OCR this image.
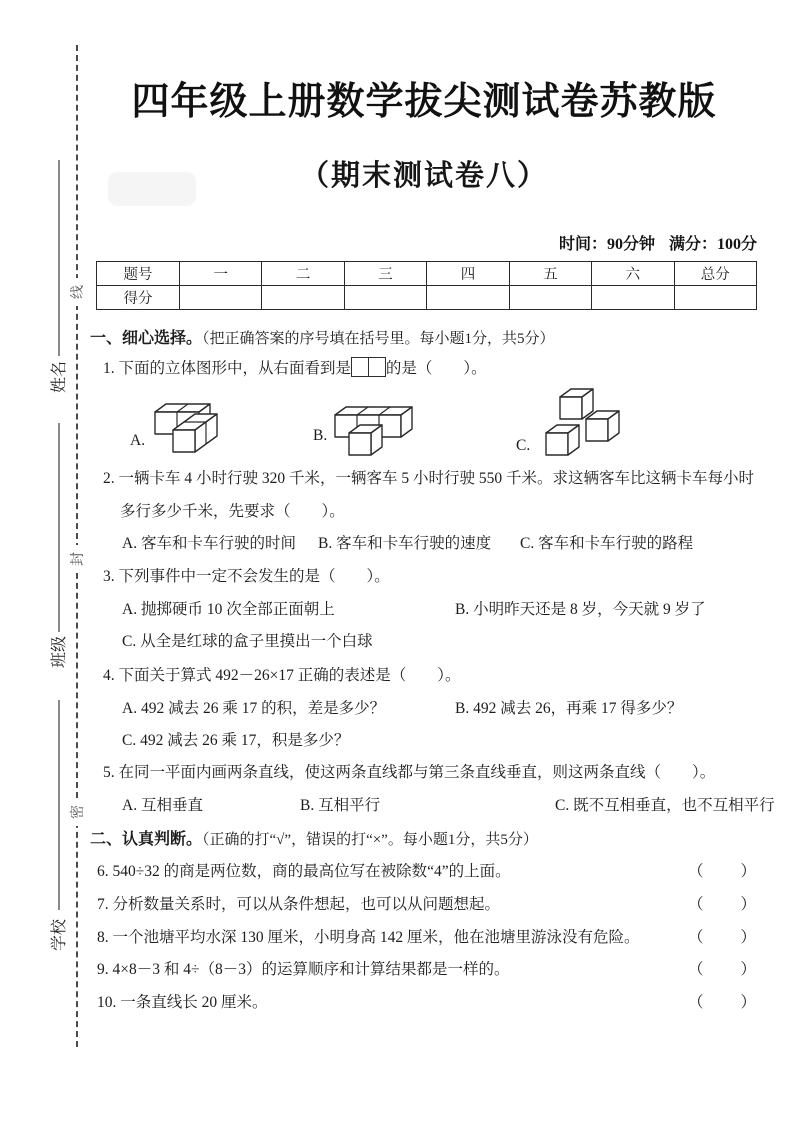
姓名
班级
学校
线
封
密
四年级上册数学拔尖测试卷苏教版
（期末测试卷八）
时间：90分钟 满分：100分
题号	一	二	三	四	五	六	总分
得分							
一、细心选择。（把正确答案的序号填在括号里。每小题1分，共5分）
1. 下面的立体图形中，从右面看到是 的是（　　）。
A.	B.
C.
2. 一辆卡车 4 小时行驶 320 千米，一辆客车 5 小时行驶 550 千米。求这辆客车比这辆卡车每小时
多行多少千米，先要求（　　）。
A. 客车和卡车行驶的时间 B. 客车和卡车行驶的速度 C. 客车和卡车行驶的路程
3. 下列事件中一定不会发生的是（　　）。
A. 抛掷硬币 10 次全部正面朝上	B. 小明昨天还是 8 岁，今天就 9 岁了
C. 从全是红球的盒子里摸出一个白球
4. 下面关于算式 492－26×17 正确的表述是（　　）。
A. 492 减去 26 乘 17 的积，差是多少？	B. 492 减去 26，再乘 17 得多少？
C. 492 减去 26 乘 17，积是多少？
5. 在同一平面内画两条直线，使这两条直线都与第三条直线垂直，则这两条直线（　　）。
A. 互相垂直	B. 互相平行	C. 既不互相垂直，也不互相平行
二、认真判断。（正确的打“√”，错误的打“×”。每小题1分，共5分）
6. 540÷32 的商是两位数，商的最高位写在被除数“4”的上面。	（　　）
7. 分析数量关系时，可以从条件想起，也可以从问题想起。	（　　）
8. 一个池塘平均水深 130 厘米，小明身高 142 厘米，他在池塘里游泳没有危险。	（　　）
9. 4×8－3 和 4÷（8－3）的运算顺序和计算结果都是一样的。	（　　）
10. 一条直线长 20 厘米。	（　　）
